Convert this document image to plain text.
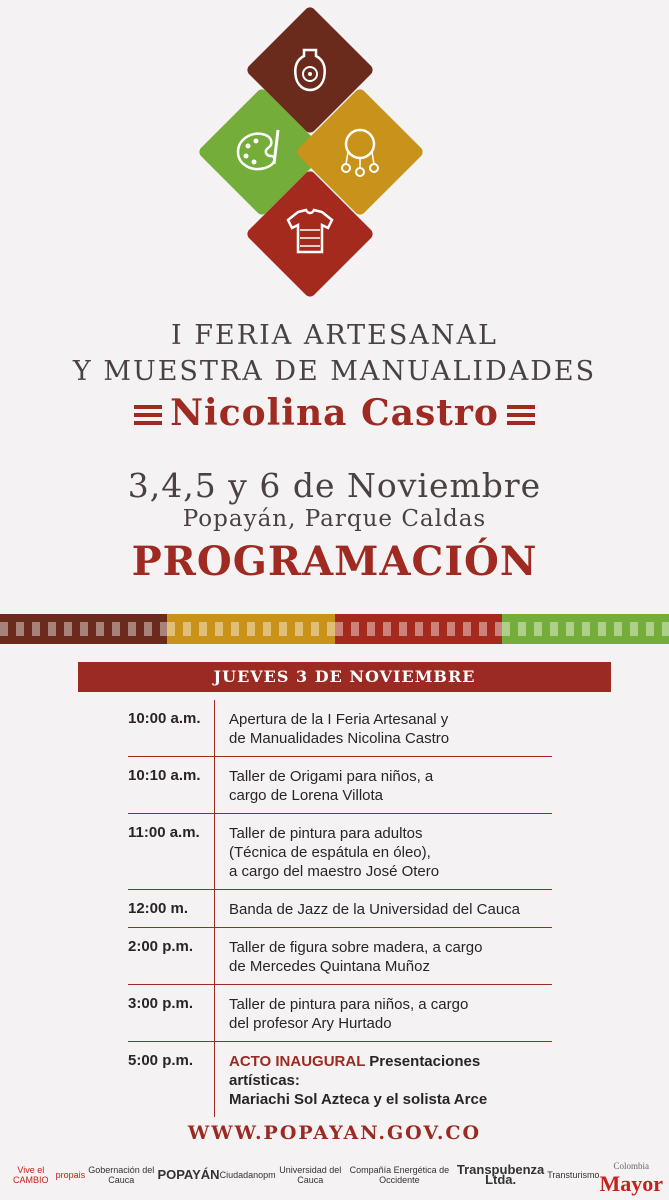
I FERIA ARTESANAL
Y MUESTRA DE MANUALIDADES
Nicolina Castro
3,4,5 y 6 de Noviembre
Popayán, Parque Caldas
PROGRAMACIÓN
JUEVES 3 DE NOVIEMBRE
10:00 a.m.	Apertura de la I Feria Artesanal y
de Manualidades Nicolina Castro
10:10 a.m.	Taller de Origami para niños, a
cargo de Lorena Villota
11:00 a.m.	Taller de pintura para adultos
(Técnica de espátula en óleo),
a cargo del maestro José Otero
12:00 m.	Banda de Jazz de la Universidad del Cauca
2:00 p.m.	Taller de figura sobre madera, a cargo
de Mercedes Quintana Muñoz
3:00 p.m.	Taller de pintura para niños, a cargo
del profesor Ary Hurtado
5:00 p.m.	ACTO INAUGURAL Presentaciones artísticas:
Mariachi Sol Azteca y el solista Arce
WWW.POPAYAN.GOV.CO
Vive el CAMBIO propais Gobernación del Cauca	POPAYÁN Ciudadano pm Universidad del Cauca
Compañía Energética de Occidente
Transpubenza Ltda.	Transturismo
Colombia
Mayor
